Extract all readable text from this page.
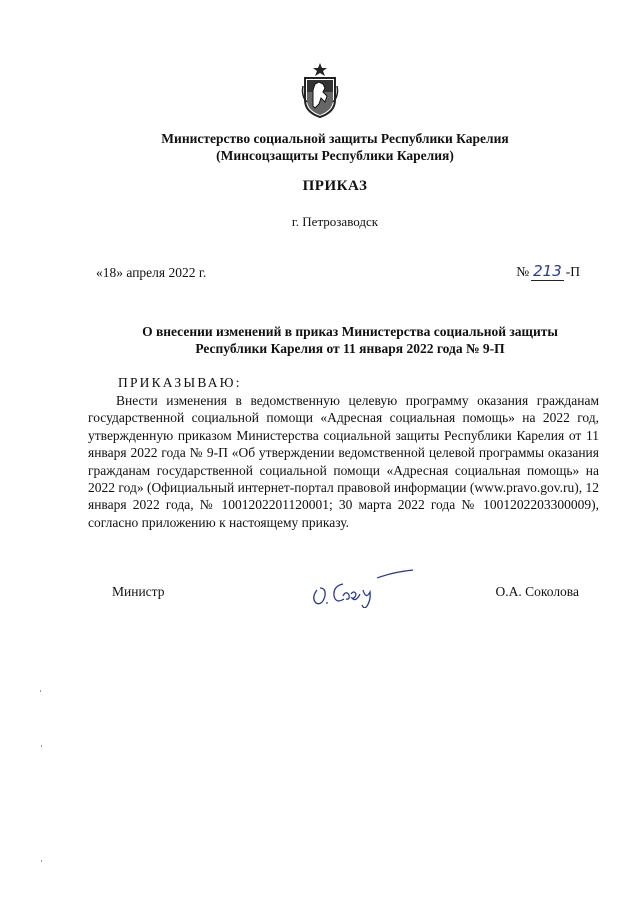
Министерство социальной защиты Республики Карелия
(Минсоцзащиты Республики Карелия)
ПРИКАЗ
г. Петрозаводск
«18» апреля 2022 г.	№ 213 -П
О внесении изменений в приказ Министерства социальной защиты
Республики Карелия от 11 января 2022 года № 9-П
ПРИКАЗЫВАЮ:

Внести изменения в ведомственную целевую программу оказания гражданам государственной социальной помощи «Адресная социальная помощь» на 2022 год, утвержденную приказом Министерства социальной защиты Республики Карелия от 11 января 2022 года № 9-П «Об утверждении ведомственной целевой программы оказания гражданам государственной социальной помощи «Адресная социальная помощь» на 2022 год» (Официальный интернет-портал правовой информации (www.pravo.gov.ru), 12 января 2022 года, № 1001202201120001; 30 марта 2022 года № 1001202203300009), согласно приложению к настоящему приказу.

Министр	О.А. Соколова
